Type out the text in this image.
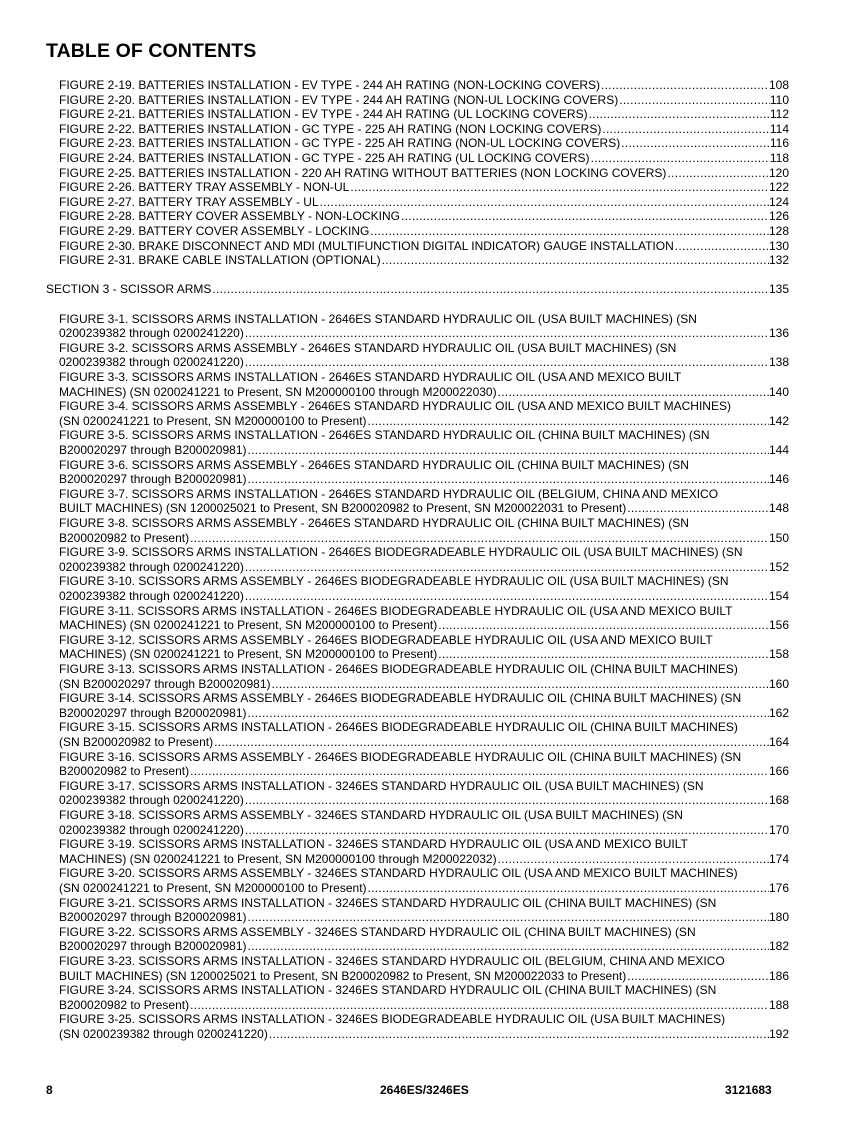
TABLE OF CONTENTS
FIGURE 2-19. BATTERIES INSTALLATION - EV TYPE - 244 AH RATING (NON-LOCKING COVERS) .....	108
FIGURE 2-20. BATTERIES INSTALLATION - EV TYPE - 244 AH RATING (NON-UL LOCKING COVERS) .....	110
FIGURE 2-21. BATTERIES INSTALLATION - EV TYPE - 244 AH RATING (UL LOCKING COVERS) .....	112
FIGURE 2-22. BATTERIES INSTALLATION - GC TYPE - 225 AH RATING (NON LOCKING COVERS) .....	114
FIGURE 2-23. BATTERIES INSTALLATION - GC TYPE - 225 AH RATING (NON-UL LOCKING COVERS) .....	116
FIGURE 2-24. BATTERIES INSTALLATION - GC TYPE - 225 AH RATING (UL LOCKING COVERS) .....	118
FIGURE 2-25. BATTERIES INSTALLATION - 220 AH RATING WITHOUT BATTERIES (NON LOCKING COVERS) .....	120
FIGURE 2-26. BATTERY TRAY ASSEMBLY - NON-UL .....	122
FIGURE 2-27. BATTERY TRAY ASSEMBLY - UL .....	124
FIGURE 2-28. BATTERY COVER ASSEMBLY - NON-LOCKING .....	126
FIGURE 2-29. BATTERY COVER ASSEMBLY - LOCKING .....	128
FIGURE 2-30. BRAKE DISCONNECT AND MDI (MULTIFUNCTION DIGITAL INDICATOR) GAUGE INSTALLATION .....	130
FIGURE 2-31. BRAKE CABLE INSTALLATION (OPTIONAL) .....	132
SECTION 3 - SCISSOR ARMS .....	135
FIGURE 3-1. SCISSORS ARMS INSTALLATION - 2646ES STANDARD HYDRAULIC OIL (USA BUILT MACHINES) (SN
0200239382 through 0200241220) .....	136
FIGURE 3-2. SCISSORS ARMS ASSEMBLY - 2646ES STANDARD HYDRAULIC OIL (USA BUILT MACHINES) (SN
0200239382 through 0200241220) .....	138
FIGURE 3-3. SCISSORS ARMS INSTALLATION - 2646ES STANDARD HYDRAULIC OIL (USA AND MEXICO BUILT
MACHINES) (SN 0200241221 to Present, SN M200000100 through M200022030) .....	140
FIGURE 3-4. SCISSORS ARMS ASSEMBLY - 2646ES STANDARD HYDRAULIC OIL (USA AND MEXICO BUILT MACHINES)
(SN 0200241221 to Present, SN M200000100 to Present) .....	142
FIGURE 3-5. SCISSORS ARMS INSTALLATION - 2646ES STANDARD HYDRAULIC OIL (CHINA BUILT MACHINES) (SN
B200020297 through B200020981) .....	144
FIGURE 3-6. SCISSORS ARMS ASSEMBLY - 2646ES STANDARD HYDRAULIC OIL (CHINA BUILT MACHINES) (SN
B200020297 through B200020981) .....	146
FIGURE 3-7. SCISSORS ARMS INSTALLATION - 2646ES STANDARD HYDRAULIC OIL (BELGIUM, CHINA AND MEXICO
BUILT MACHINES) (SN 1200025021 to Present, SN B200020982 to Present, SN M200022031 to Present) .....	148
FIGURE 3-8. SCISSORS ARMS ASSEMBLY - 2646ES STANDARD HYDRAULIC OIL (CHINA BUILT MACHINES) (SN
B200020982 to Present) .....	150
FIGURE 3-9. SCISSORS ARMS INSTALLATION - 2646ES BIODEGRADEABLE HYDRAULIC OIL (USA BUILT MACHINES) (SN
0200239382 through 0200241220) .....	152
FIGURE 3-10. SCISSORS ARMS ASSEMBLY - 2646ES BIODEGRADEABLE HYDRAULIC OIL (USA BUILT MACHINES) (SN
0200239382 through 0200241220) .....	154
FIGURE 3-11. SCISSORS ARMS INSTALLATION - 2646ES BIODEGRADEABLE HYDRAULIC OIL (USA AND MEXICO BUILT
MACHINES) (SN 0200241221 to Present, SN M200000100 to Present) .....	156
FIGURE 3-12. SCISSORS ARMS ASSEMBLY - 2646ES BIODEGRADEABLE HYDRAULIC OIL (USA AND MEXICO BUILT
MACHINES) (SN 0200241221 to Present, SN M200000100 to Present) .....	158
FIGURE 3-13. SCISSORS ARMS INSTALLATION - 2646ES BIODEGRADEABLE HYDRAULIC OIL (CHINA BUILT MACHINES)
(SN B200020297 through B200020981) .....	160
FIGURE 3-14. SCISSORS ARMS ASSEMBLY - 2646ES BIODEGRADEABLE HYDRAULIC OIL (CHINA BUILT MACHINES) (SN
B200020297 through B200020981) .....	162
FIGURE 3-15. SCISSORS ARMS INSTALLATION - 2646ES BIODEGRADEABLE HYDRAULIC OIL (CHINA BUILT MACHINES)
(SN B200020982 to Present) .....	164
FIGURE 3-16. SCISSORS ARMS ASSEMBLY - 2646ES BIODEGRADEABLE HYDRAULIC OIL (CHINA BUILT MACHINES) (SN
B200020982 to Present) .....	166
FIGURE 3-17. SCISSORS ARMS INSTALLATION - 3246ES STANDARD HYDRAULIC OIL (USA BUILT MACHINES) (SN
0200239382 through 0200241220) .....	168
FIGURE 3-18. SCISSORS ARMS ASSEMBLY - 3246ES STANDARD HYDRAULIC OIL (USA BUILT MACHINES) (SN
0200239382 through 0200241220) .....	170
FIGURE 3-19. SCISSORS ARMS INSTALLATION - 3246ES STANDARD HYDRAULIC OIL (USA AND MEXICO BUILT
MACHINES) (SN 0200241221 to Present, SN M200000100 through M200022032) .....	174
FIGURE 3-20. SCISSORS ARMS ASSEMBLY - 3246ES STANDARD HYDRAULIC OIL (USA AND MEXICO BUILT MACHINES)
(SN 0200241221 to Present, SN M200000100 to Present) .....	176
FIGURE 3-21. SCISSORS ARMS INSTALLATION - 3246ES STANDARD HYDRAULIC OIL (CHINA BUILT MACHINES) (SN
B200020297 through B200020981) .....	180
FIGURE 3-22. SCISSORS ARMS ASSEMBLY - 3246ES STANDARD HYDRAULIC OIL (CHINA BUILT MACHINES) (SN
B200020297 through B200020981) .....	182
FIGURE 3-23. SCISSORS ARMS INSTALLATION - 3246ES STANDARD HYDRAULIC OIL (BELGIUM, CHINA AND MEXICO
BUILT MACHINES) (SN 1200025021 to Present, SN B200020982 to Present, SN M200022033 to Present) .....	186
FIGURE 3-24. SCISSORS ARMS INSTALLATION - 3246ES STANDARD HYDRAULIC OIL (CHINA BUILT MACHINES) (SN
B200020982 to Present) .....	188
FIGURE 3-25. SCISSORS ARMS INSTALLATION - 3246ES BIODEGRADEABLE HYDRAULIC OIL (USA BUILT MACHINES)
(SN 0200239382 through 0200241220) .....	192
8	2646ES/3246ES	3121683
